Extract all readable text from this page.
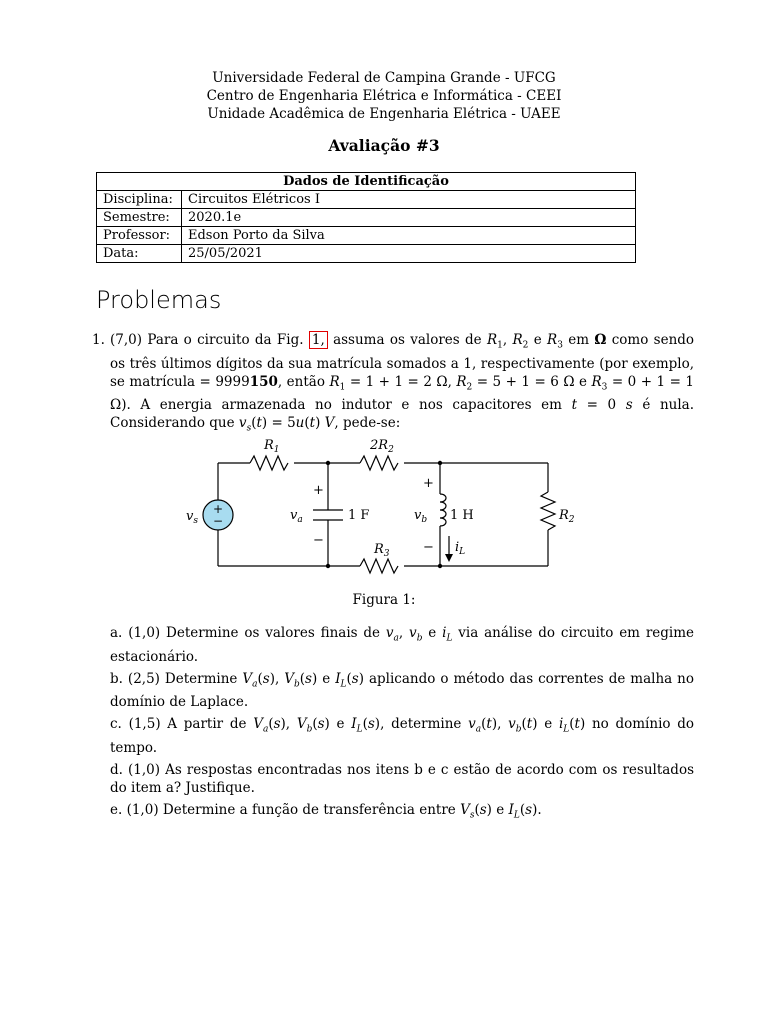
Universidade Federal de Campina Grande - UFCG
Centro de Engenharia Elétrica e Informática - CEEI
Unidade Acadêmica de Engenharia Elétrica - UAEE
Avaliação #3
Dados de Identificação	
Disciplina:	Circuitos Elétricos I
Semestre:	2020.1e
Professor:	Edson Porto da Silva
Data:	25/05/2021
Problemas
1. (7,0) Para o circuito da Fig. 1, assuma os valores de $R_1$, $R_2$ e $R_3$ em Ω como sendo os três últimos dígitos da sua matrícula somados a 1, respectivamente (por exemplo, se matrícula = 9999150, então $R_1 = 1 + 1 = 2$ Ω, $R_2 = 5 + 1 = 6$ Ω e $R_3 = 0 + 1 = 1$ Ω). A energia armazenada no indutor e nos capacitores em t = 0 s é nula. Considerando que $v_s(t) = 5u(t)$ V, pede-se:
+
−
$v_s$
$R_1$	$2R_2$
$R_3$
$R_2$
$v_a$	$v_b$
1 F	1 H
$i_L$
+
−
+
−
Figura 1:
a. (1,0) Determine os valores finais de $v_a$, $v_b$ e $i_L$ via análise do circuito em regime estacionário.
b. (2,5) Determine $V_a(s)$, $V_b(s)$ e $I_L(s)$ aplicando o método das correntes de malha no domínio de Laplace.
c. (1,5) A partir de $V_a(s)$, $V_b(s)$ e $I_L(s)$, determine $v_a(t)$, $v_b(t)$ e $i_L(t)$ no domínio do tempo.
d. (1,0) As respostas encontradas nos itens b e c estão de acordo com os resultados do item a? Justifique.
e. (1,0) Determine a função de transferência entre $V_s(s)$ e $I_L(s)$.
